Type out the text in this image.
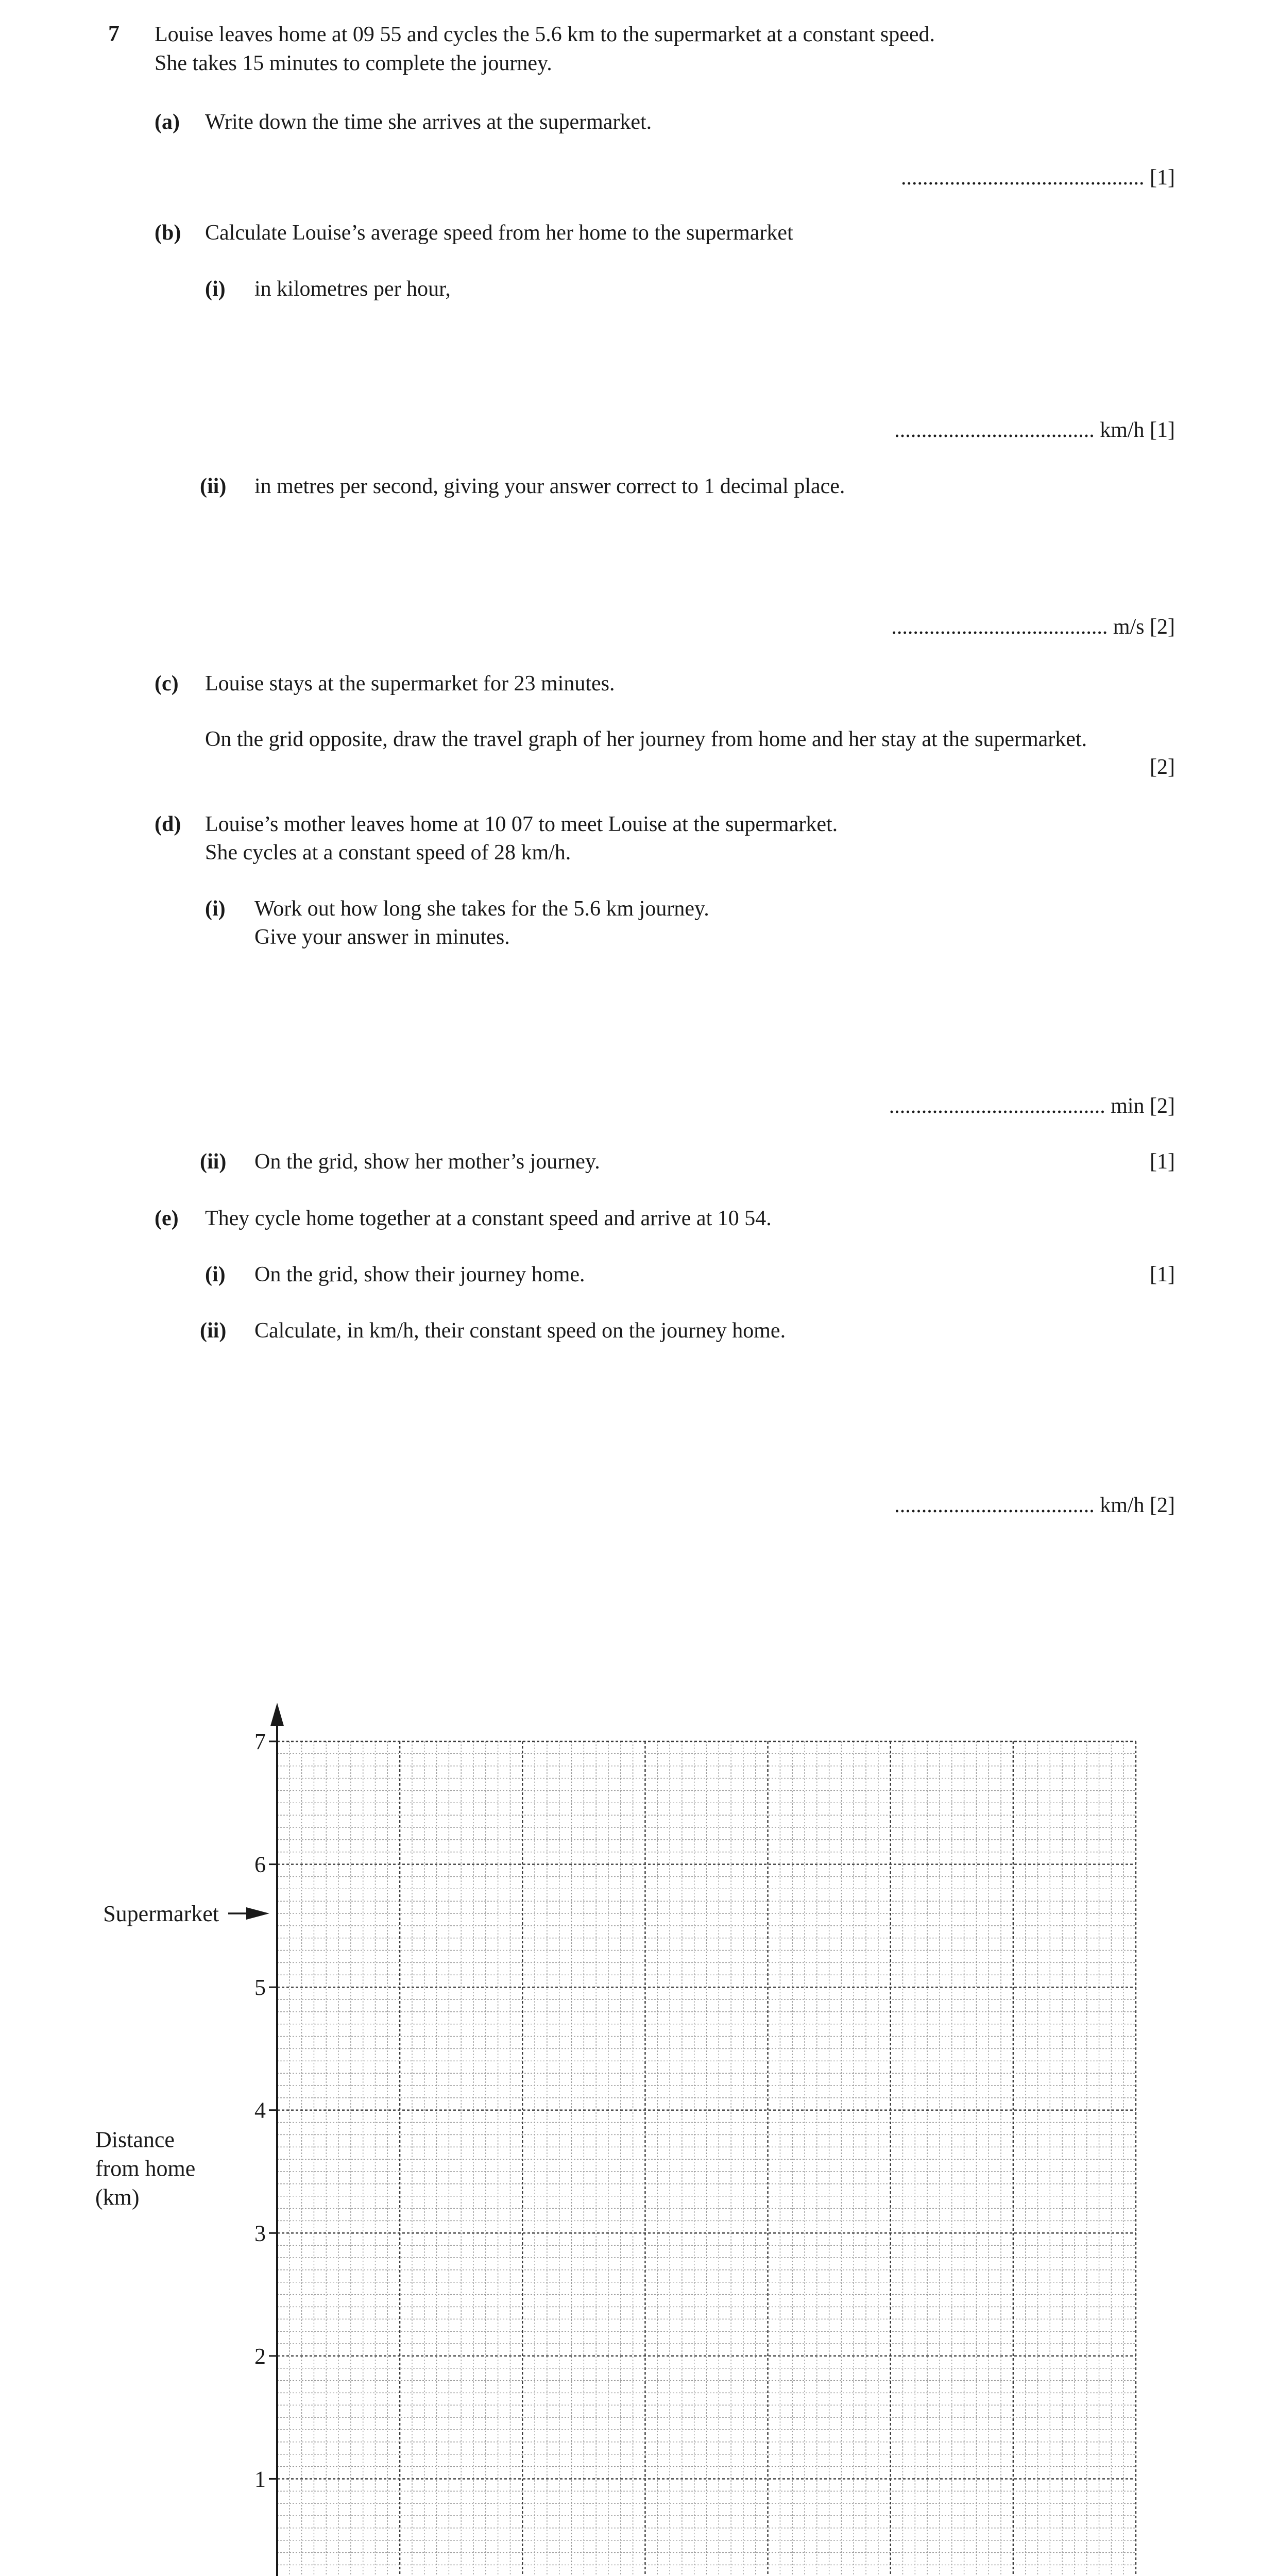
7 Louise leaves home at 09 55 and cycles the 5.6 km to the supermarket at a constant speed.
She takes 15 minutes to complete the journey.
(a) Write down the time she arrives at the supermarket.
............................................. [1]
(b) Calculate Louise’s average speed from her home to the supermarket
(i) in kilometres per hour,
..................................... km/h [1]
(ii) in metres per second, giving your answer correct to 1 decimal place.
........................................ m/s [2]
(c) Louise stays at the supermarket for 23 minutes.
On the grid opposite, draw the travel graph of her journey from home and her stay at the supermarket.
[2]
(d) Louise’s mother leaves home at 10 07 to meet Louise at the supermarket.
She cycles at a constant speed of 28 km/h.
(i) Work out how long she takes for the 5.6 km journey.
Give your answer in minutes.
........................................ min [2]
(ii) On the grid, show her mother’s journey.	[1]
(e) They cycle home together at a constant speed and arrive at 10 54.
(i) On the grid, show their journey home.	[1]
(ii) Calculate, in km/h, their constant speed on the journey home.
..................................... km/h [2]
1
2
3
4
5
6
7
Distance
from home
(km)
Supermarket
